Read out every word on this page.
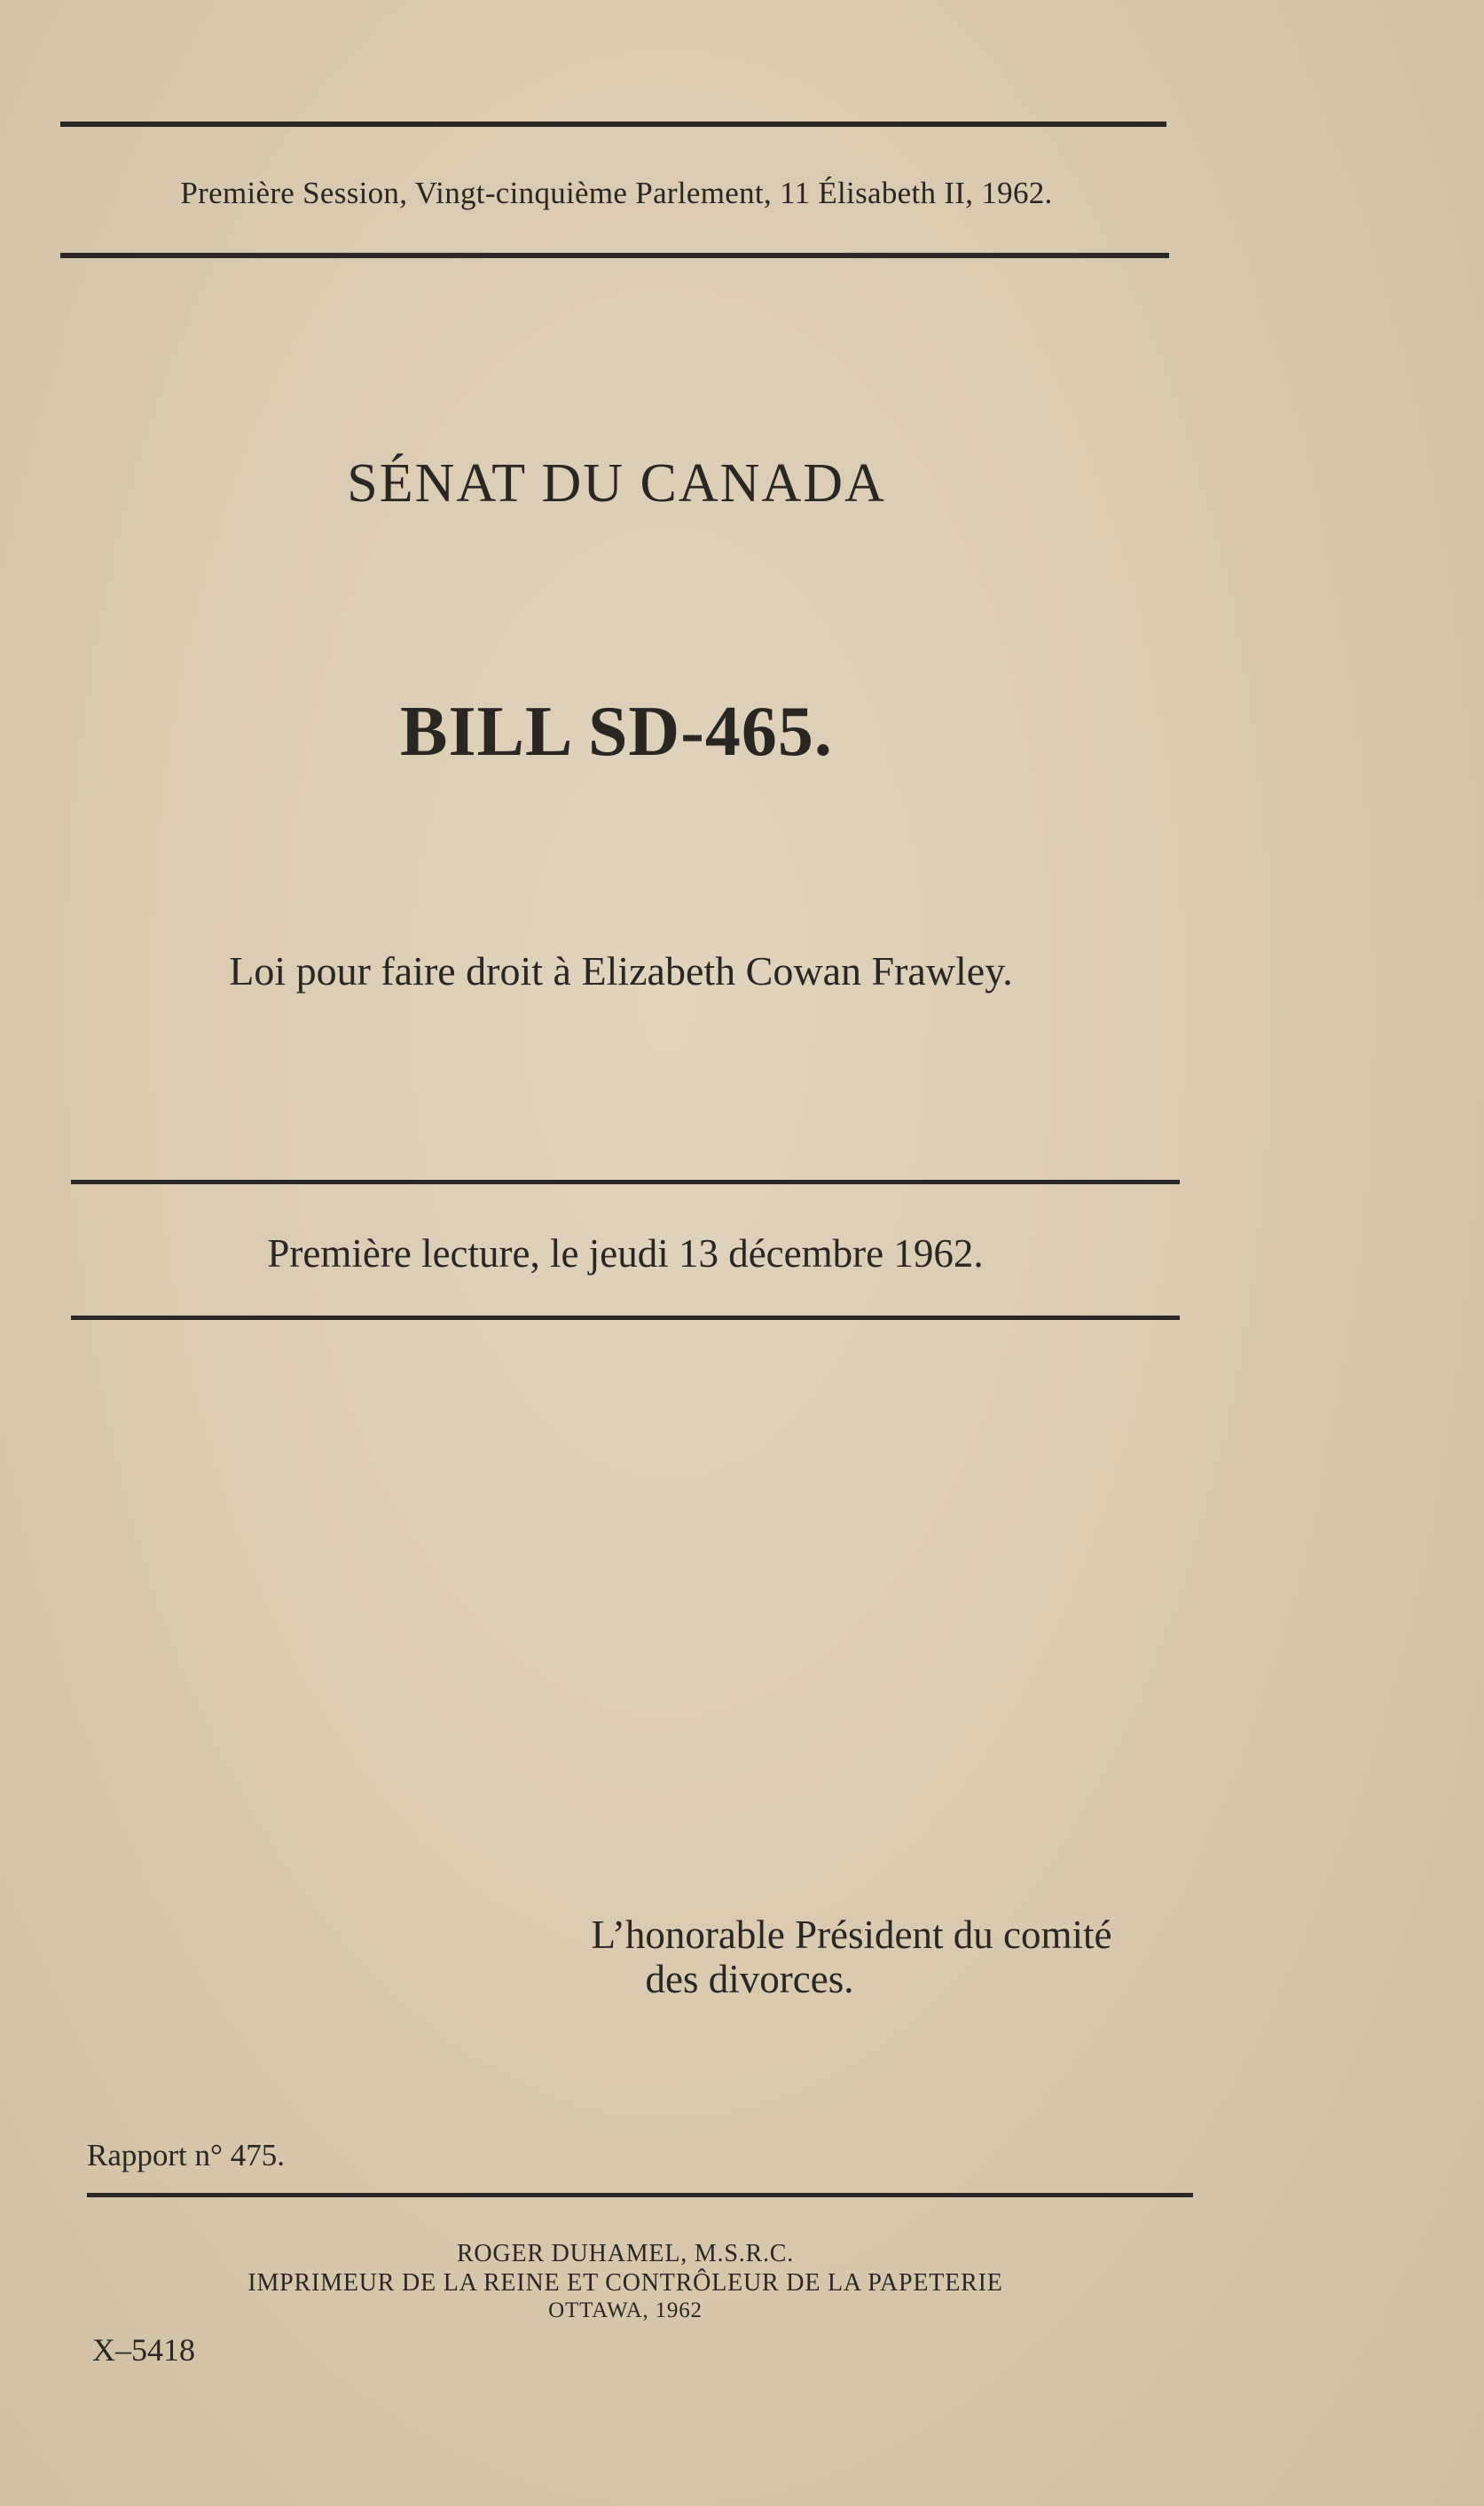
Première Session, Vingt-cinquième Parlement, 11 Élisabeth II, 1962.
SÉNAT DU CANADA
BILL SD-465.
Loi pour faire droit à Elizabeth Cowan Frawley.
Première lecture, le jeudi 13 décembre 1962.
L’honorable Président du comité
des divorces.
Rapport n° 475.
ROGER DUHAMEL, M.S.R.C.
IMPRIMEUR DE LA REINE ET CONTRÔLEUR DE LA PAPETERIE
OTTAWA, 1962
X–5418
